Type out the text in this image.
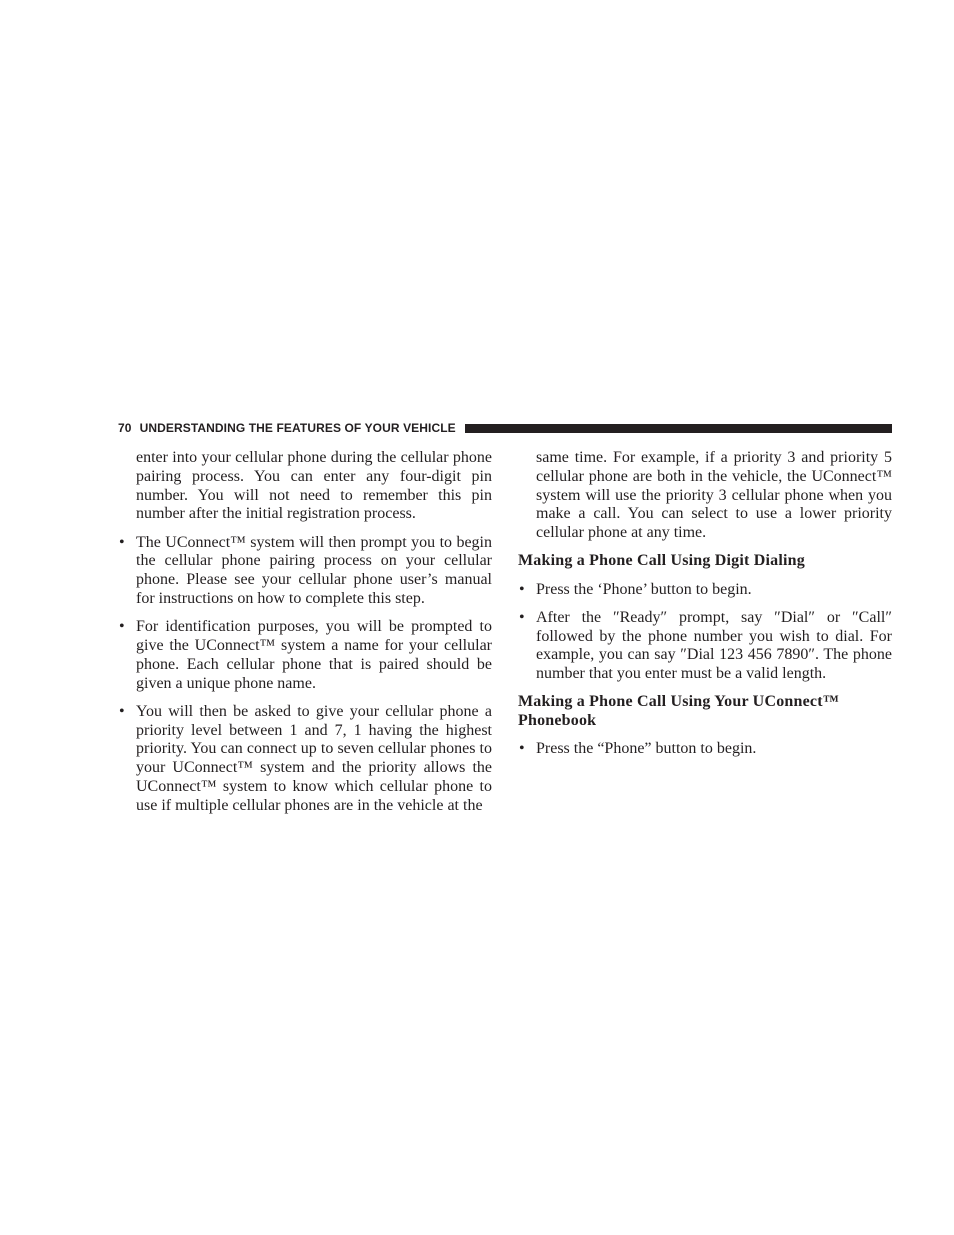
70 UNDERSTANDING THE FEATURES OF YOUR VEHICLE

enter into your cellular phone during the cellular phone pairing process. You can enter any four-digit pin number. You will not need to remember this pin number after the initial registration process.

• The UConnect™ system will then prompt you to begin the cellular phone pairing process on your cellular phone. Please see your cellular phone user’s manual for instructions on how to complete this step.
• For identification purposes, you will be prompted to give the UConnect™ system a name for your cellular phone. Each cellular phone that is paired should be given a unique phone name.
• You will then be asked to give your cellular phone a priority level between 1 and 7, 1 having the highest priority. You can connect up to seven cellular phones to your UConnect™ system and the priority allows the UConnect™ system to know which cellular phone to use if multiple cellular phones are in the vehicle at the

same time. For example, if a priority 3 and priority 5 cellular phone are both in the vehicle, the UConnect™ system will use the priority 3 cellular phone when you make a call. You can select to use a lower priority cellular phone at any time.

Making a Phone Call Using Digit Dialing
• Press the ‘Phone’ button to begin.
• After the ″Ready″ prompt, say ″Dial″ or ″Call″ followed by the phone number you wish to dial. For example, you can say ″Dial 123 456 7890″. The phone number that you enter must be a valid length.
Making a Phone Call Using Your UConnect™ Phonebook
• Press the “Phone” button to begin.
